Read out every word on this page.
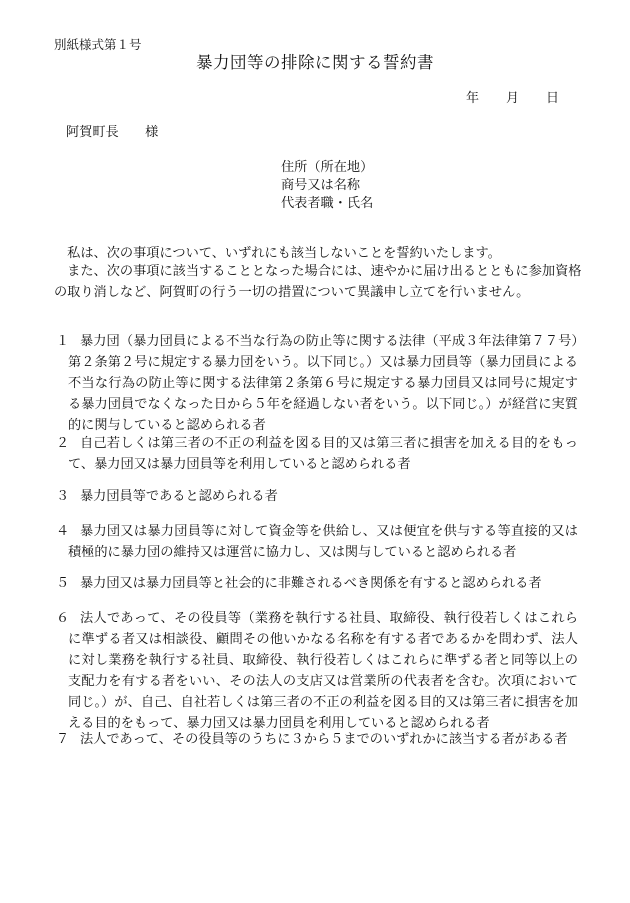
別紙様式第１号
暴力団等の排除に関する誓約書
年 月 日
阿賀町長　　様
住所（所在地）
商号又は名称
代表者職・氏名
　私は、次の事項について、いずれにも該当しないことを誓約いたします。
　また、次の事項に該当することとなった場合には、速やかに届け出るとともに参加資格の取り消しなど、阿賀町の行う一切の措置について異議申し立てを行いません。
１ 暴力団（暴力団員による不当な行為の防止等に関する法律（平成３年法律第７７号）第２条第２号に規定する暴力団をいう。以下同じ。）又は暴力団員等（暴力団員による不当な行為の防止等に関する法律第２条第６号に規定する暴力団員又は同号に規定する暴力団員でなくなった日から５年を経過しない者をいう。以下同じ。）が経営に実質的に関与していると認められる者
２ 自己若しくは第三者の不正の利益を図る目的又は第三者に損害を加える目的をもって、暴力団又は暴力団員等を利用していると認められる者
３ 暴力団員等であると認められる者
４ 暴力団又は暴力団員等に対して資金等を供給し、又は便宜を供与する等直接的又は積極的に暴力団の維持又は運営に協力し、又は関与していると認められる者
５ 暴力団又は暴力団員等と社会的に非難されるべき関係を有すると認められる者
６ 法人であって、その役員等（業務を執行する社員、取締役、執行役若しくはこれらに準ずる者又は相談役、顧問その他いかなる名称を有する者であるかを問わず、法人に対し業務を執行する社員、取締役、執行役若しくはこれらに準ずる者と同等以上の支配力を有する者をいい、その法人の支店又は営業所の代表者を含む。次項において同じ。）が、自己、自社若しくは第三者の不正の利益を図る目的又は第三者に損害を加える目的をもって、暴力団又は暴力団員を利用していると認められる者
７ 法人であって、その役員等のうちに３から５までのいずれかに該当する者がある者
